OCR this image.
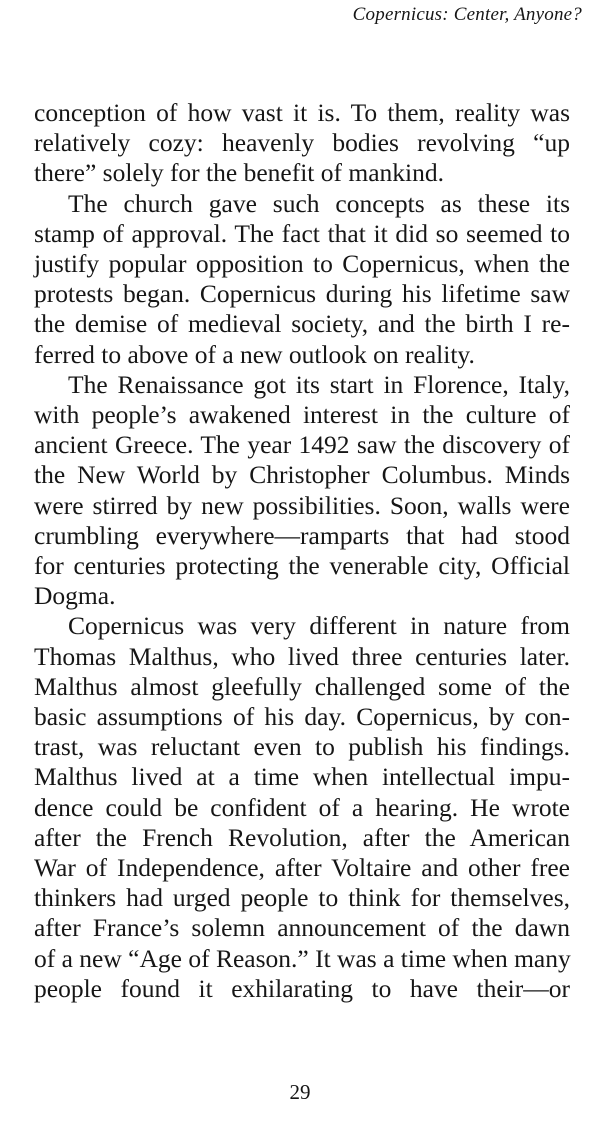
Copernicus: Center, Anyone?

conception of how vast it is. To them, reality was
relatively cozy: heavenly bodies revolving “up
there” solely for the benefit of mankind.

The church gave such concepts as these its
stamp of approval. The fact that it did so seemed to
justify popular opposition to Copernicus, when the
protests began. Copernicus during his lifetime saw
the demise of medieval society, and the birth I re-
ferred to above of a new outlook on reality.

The Renaissance got its start in Florence, Italy,
with people’s awakened interest in the culture of
ancient Greece. The year 1492 saw the discovery of
the New World by Christopher Columbus. Minds
were stirred by new possibilities. Soon, walls were
crumbling everywhere—ramparts that had stood
for centuries protecting the venerable city, Official
Dogma.

Copernicus was very different in nature from
Thomas Malthus, who lived three centuries later.
Malthus almost gleefully challenged some of the
basic assumptions of his day. Copernicus, by con-
trast, was reluctant even to publish his findings.
Malthus lived at a time when intellectual impu-
dence could be confident of a hearing. He wrote
after the French Revolution, after the American
War of Independence, after Voltaire and other free
thinkers had urged people to think for themselves,
after France’s solemn announcement of the dawn
of a new “Age of Reason.” It was a time when many
people found it exhilarating to have their—or

29
